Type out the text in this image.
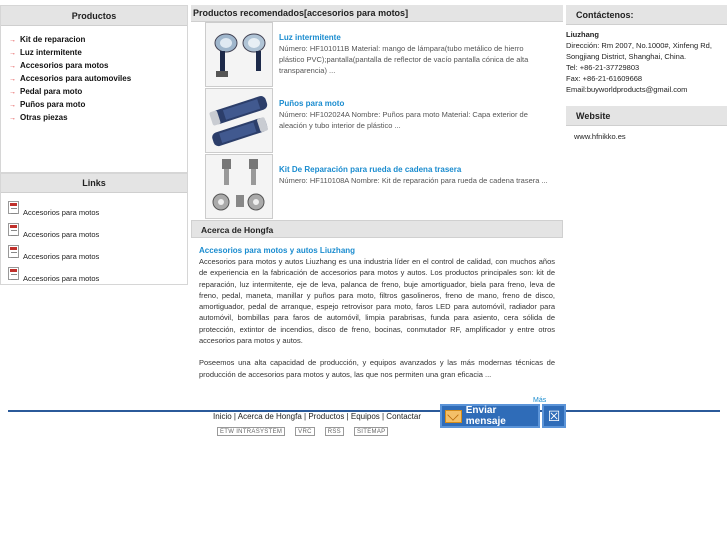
Productos
→ Kit de reparacion
→ Luz intermitente
→ Accesorios para motos
→ Accesorios para automoviles
→ Pedal para moto
→ Puños para moto
→ Otras piezas
Links
Accesorios para motos
Accesorios para motos
Accesorios para motos
Accesorios para motos
Productos recomendados[accesorios para motos]
Luz intermitente
Número: HF101011B Material: mango de lámpara(tubo metálico de hierro plástico PVC);pantalla(pantalla de reflector de vacío pantalla cónica de alta transparencia) ...
Puños para moto
Número: HF102024A Nombre: Puños para moto Material: Capa exterior de aleación y tubo interior de plástico ...
Kit De Reparación para rueda de cadena trasera
Número: HF110108A Nombre: Kit de reparación para rueda de cadena trasera ...
Acerca de Hongfa
Accesorios para motos y autos Liuzhang

Accesorios para motos y autos Liuzhang es una industria líder en el control de calidad, con muchos años de experiencia en la fabricación de accesorios para motos y autos. Los productos principales son: kit de reparación, luz intermitente, eje de leva, palanca de freno, buje amortiguador, biela para freno, leva de freno, pedal, maneta, manillar y puños para moto, filtros gasolineros, freno de mano, freno de disco, amortiguador, pedal de arranque, espejo retrovisor para moto, faros LED para automóvil, radiador para automóvil, bombillas para faros de automóvil, limpia parabrisas, funda para asiento, cera sólida de protección, extintor de incendios, disco de freno, bocinas, conmutador RF, amplificador y entre otros accesorios para motos y autos.

Poseemos una alta capacidad de producción, y equipos avanzados y las más modernas técnicas de producción de accesorios para motos y autos, las que nos permiten una gran eficacia ...

Contáctenos:
Liuzhang
Dirección: Rm 2007, No.1000#, Xinfeng Rd, Songjiang District, Shanghai, China.
Tel: +86-21-37729803
Fax: +86-21-61609668
Email:buyworldproducts@gmail.com
Website
www.hfnikko.es
Más
Inicio | Acerca de Hongfa | Productos | Equipos | Contactar
ETW INTRASYSTEM	VRC	RSS	SITEMAP
Enviar mensaje	☒
